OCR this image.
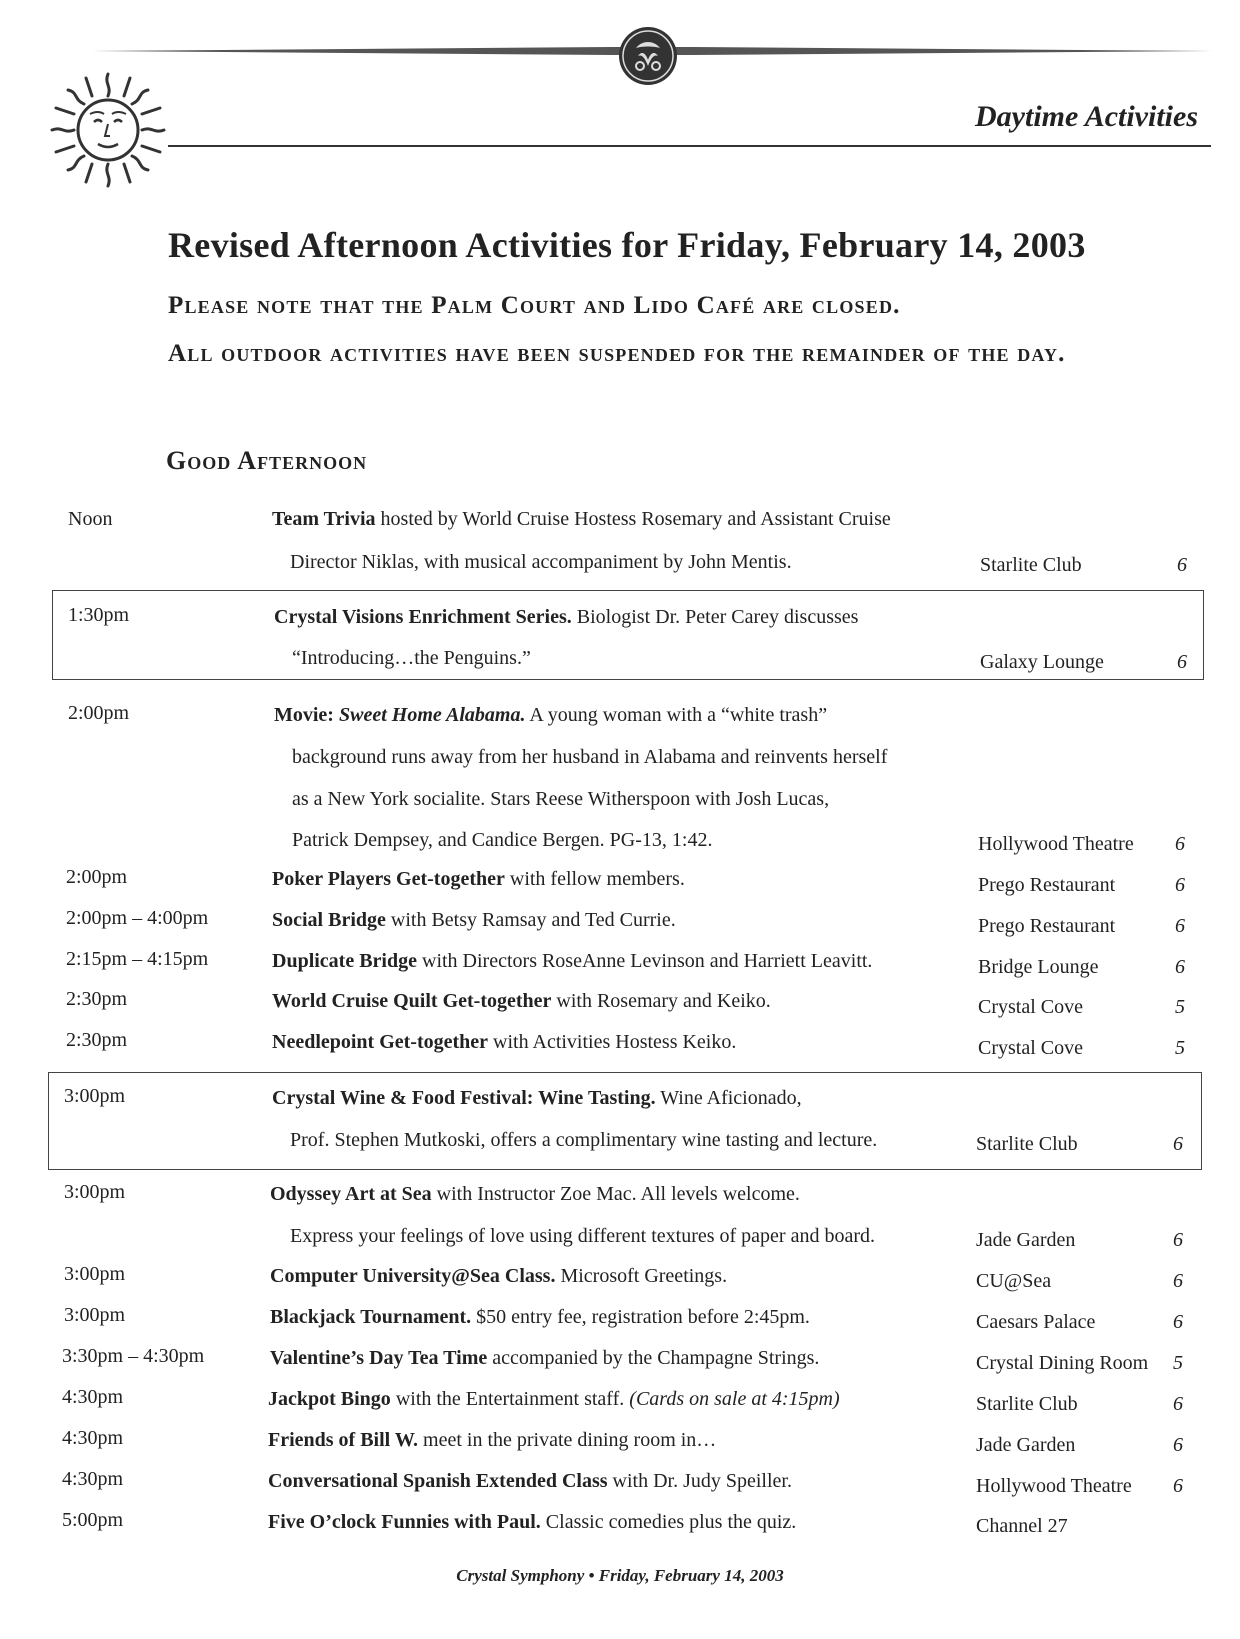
Daytime Activities
Revised Afternoon Activities for Friday, February 14, 2003
Please note that the Palm Court and Lido Café are closed.
All outdoor activities have been suspended for the remainder of the day.
Good Afternoon
Noon	Team Trivia hosted by World Cruise Hostess Rosemary and Assistant Cruise
Director Niklas, with musical accompaniment by John Mentis.	Starlite Club	6
1:30pm	Crystal Visions Enrichment Series. Biologist Dr. Peter Carey discusses
“Introducing…the Penguins.”	Galaxy Lounge	6
2:00pm	Movie: Sweet Home Alabama. A young woman with a “white trash”
background runs away from her husband in Alabama and reinvents herself
as a New York socialite. Stars Reese Witherspoon with Josh Lucas,
Patrick Dempsey, and Candice Bergen. PG-13, 1:42.	Hollywood Theatre 6
2:00pm	Poker Players Get-together with fellow members.	Prego Restaurant	6
2:00pm – 4:00pm	Social Bridge with Betsy Ramsay and Ted Currie.	Prego Restaurant	6
2:15pm – 4:15pm	Duplicate Bridge with Directors RoseAnne Levinson and Harriett Leavitt.	Bridge Lounge	6
2:30pm	World Cruise Quilt Get-together with Rosemary and Keiko.	Crystal Cove	5
2:30pm	Needlepoint Get-together with Activities Hostess Keiko.	Crystal Cove	5
3:00pm	Crystal Wine & Food Festival: Wine Tasting. Wine Aficionado,
Prof. Stephen Mutkoski, offers a complimentary wine tasting and lecture.	Starlite Club	6
3:00pm	Odyssey Art at Sea with Instructor Zoe Mac. All levels welcome.
Express your feelings of love using different textures of paper and board.	Jade Garden	6
3:00pm	Computer University@Sea Class. Microsoft Greetings.	CU@Sea	6
3:00pm	Blackjack Tournament. $50 entry fee, registration before 2:45pm.	Caesars Palace	6
3:30pm – 4:30pm	Valentine’s Day Tea Time accompanied by the Champagne Strings.	Crystal Dining Room 5
4:30pm	Jackpot Bingo with the Entertainment staff. (Cards on sale at 4:15pm)	Starlite Club	6
4:30pm	Friends of Bill W. meet in the private dining room in…	Jade Garden	6
4:30pm	Conversational Spanish Extended Class with Dr. Judy Speiller.	Hollywood Theatre 6
5:00pm	Five O’clock Funnies with Paul. Classic comedies plus the quiz.	Channel 27
Crystal Symphony • Friday, February 14, 2003
